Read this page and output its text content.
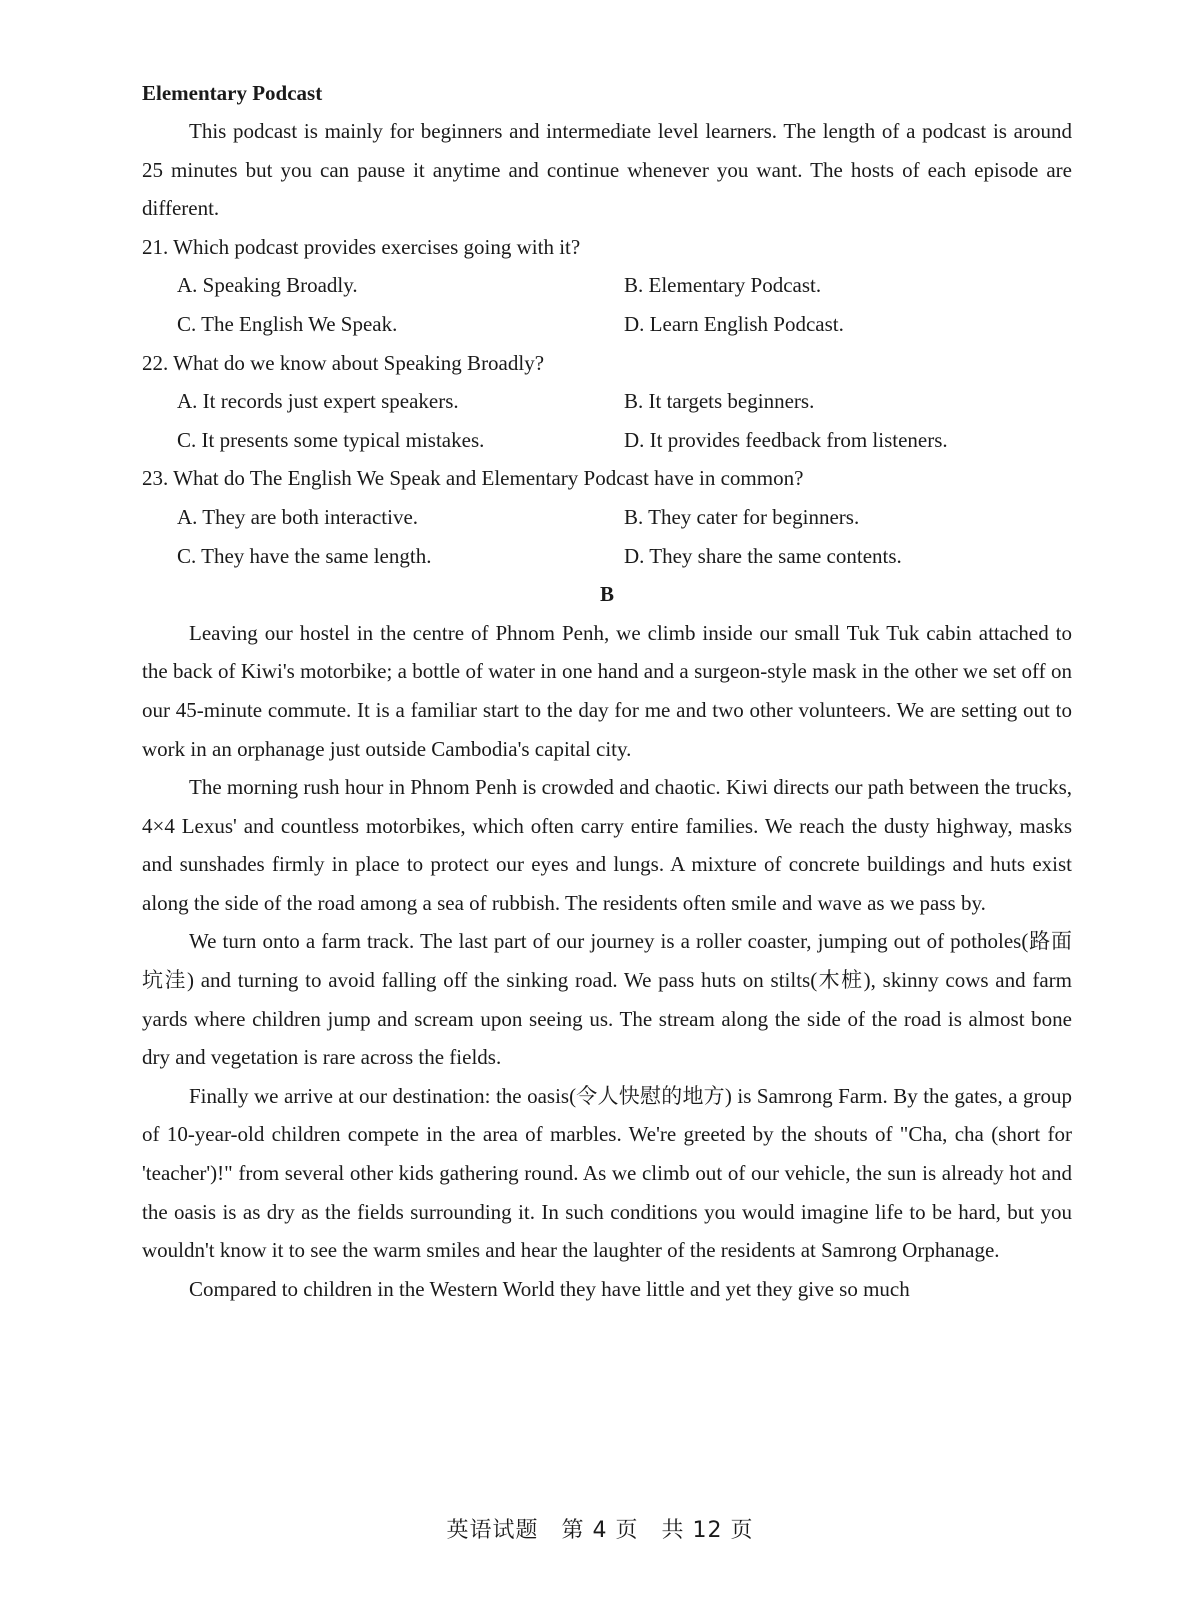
Elementary Podcast

This podcast is mainly for beginners and intermediate level learners. The length of a podcast is around 25 minutes but you can pause it anytime and continue whenever you want. The hosts of each episode are different.

21. Which podcast provides exercises going with it?

A. Speaking Broadly.	B. Elementary Podcast.
C. The English We Speak.	D. Learn English Podcast.

22. What do we know about Speaking Broadly?

A. It records just expert speakers.	B. It targets beginners.
C. It presents some typical mistakes.	D. It provides feedback from listeners.

23. What do The English We Speak and Elementary Podcast have in common?

A. They are both interactive.	B. They cater for beginners.
C. They have the same length.	D. They share the same contents.

B

Leaving our hostel in the centre of Phnom Penh, we climb inside our small Tuk Tuk cabin attached to the back of Kiwi's motorbike; a bottle of water in one hand and a surgeon-style mask in the other we set off on our 45-minute commute. It is a familiar start to the day for me and two other volunteers. We are setting out to work in an orphanage just outside Cambodia's capital city.

The morning rush hour in Phnom Penh is crowded and chaotic. Kiwi directs our path between the trucks, 4×4 Lexus' and countless motorbikes, which often carry entire families. We reach the dusty highway, masks and sunshades firmly in place to protect our eyes and lungs. A mixture of concrete buildings and huts exist along the side of the road among a sea of rubbish. The residents often smile and wave as we pass by.

We turn onto a farm track. The last part of our journey is a roller coaster, jumping out of potholes(路面坑洼) and turning to avoid falling off the sinking road. We pass huts on stilts(木桩), skinny cows and farm yards where children jump and scream upon seeing us. The stream along the side of the road is almost bone dry and vegetation is rare across the fields.

Finally we arrive at our destination: the oasis(令人快慰的地方) is Samrong Farm. By the gates, a group of 10-year-old children compete in the area of marbles. We're greeted by the shouts of "Cha, cha (short for 'teacher')!" from several other kids gathering round. As we climb out of our vehicle, the sun is already hot and the oasis is as dry as the fields surrounding it. In such conditions you would imagine life to be hard, but you wouldn't know it to see the warm smiles and hear the laughter of the residents at Samrong Orphanage.

Compared to children in the Western World they have little and yet they give so much

英语试题　第 4 页　共 12 页
